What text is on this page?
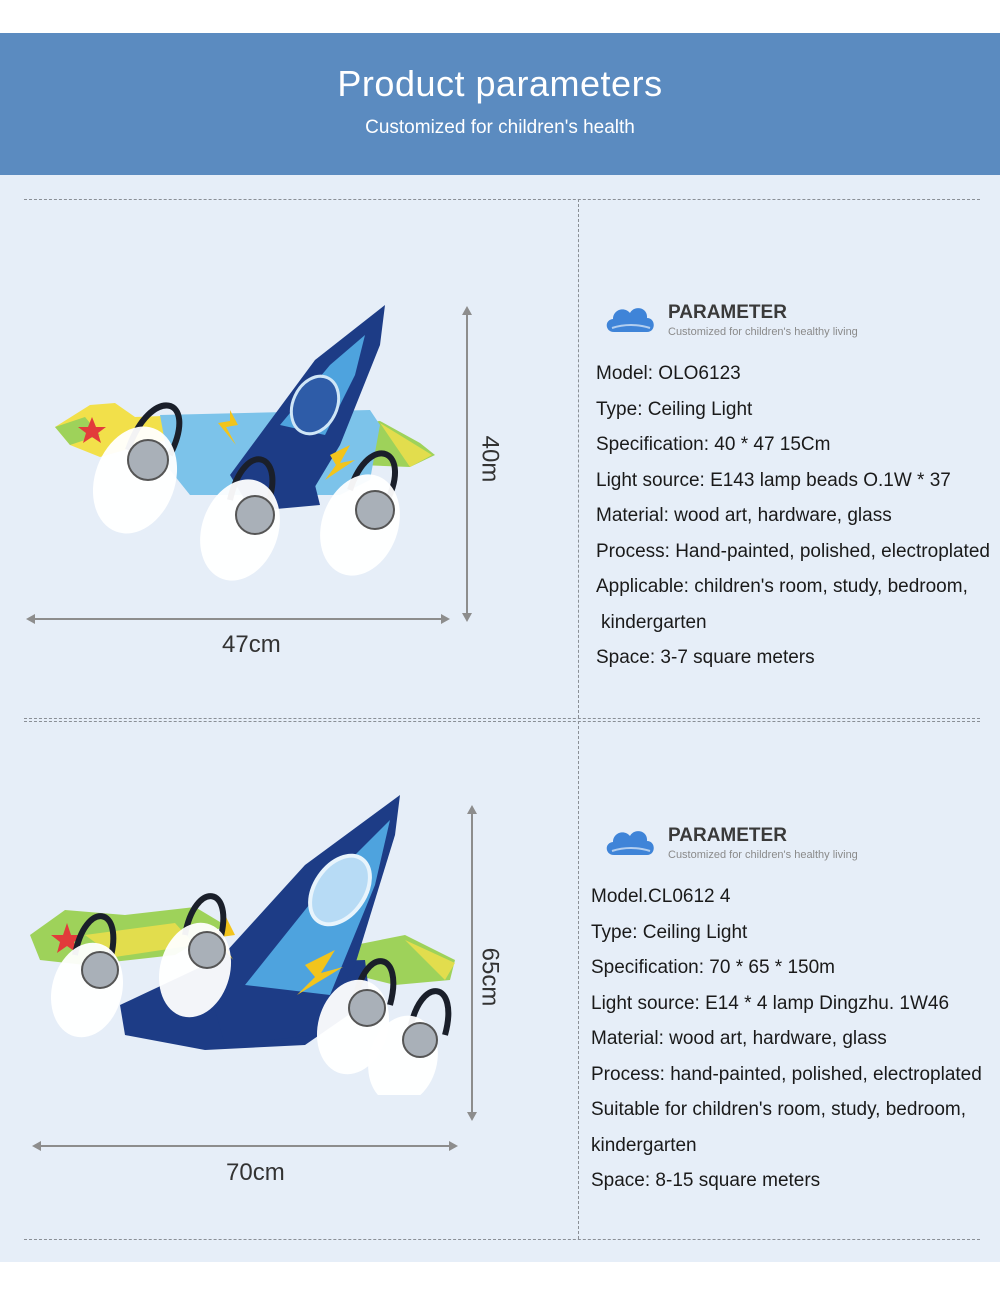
Product parameters
Customized for children's health
47cm
40m
PARAMETER
Customized for children's healthy living
Model: OLO6123
Type: Ceiling Light
Specification: 40 * 47 15Cm
Light source: E143 lamp beads O.1W * 37
Material: wood art, hardware, glass
Process: Hand-painted, polished, electroplated
Applicable: children's room, study, bedroom,
kindergarten
Space: 3-7 square meters
70cm
65cm
PARAMETER
Customized for children's healthy living
Model.CL0612 4
Type: Ceiling Light
Specification: 70 * 65 * 150m
Light source: E14 * 4 lamp Dingzhu. 1W46
Material: wood art, hardware, glass
Process: hand-painted, polished, electroplated
Suitable for children's room, study, bedroom,
kindergarten
Space: 8-15 square meters
